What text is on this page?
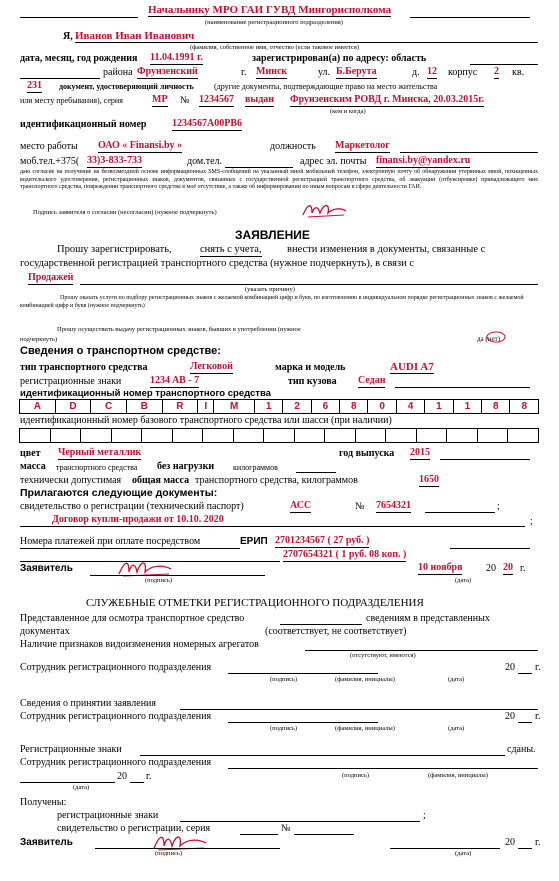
Начальнику МРО ГАИ ГУВД Мингорисполкома
(наименование регистрационного подразделения)
Я, Иванов Иван Иванович
(фамилия, собственное имя, отчество (если таковое имеется)
дата, месяц, год рождения 11.04.1991 г.	зарегистрирован(а) по адресу: область
района Фрунзенский	г. Минск	ул. Б.Берута	д. 12 корпус 2 кв.
231 документ, удостоверяющий личность	(другие документы, подтверждающие право на место жительства
или месту пребывания), серия	МР № 1234567 выдан Фрунзенским РОВД г. Минска, 20.03.2015г.
(кем и когда)
идентификационный номер	1234567A00PB6
место работы ОАО « Finansi.by »	должность Маркетолог
моб.тел.+375( 33)3-833-733	дом.тел.	адрес эл. почты finansi.by@yandex.ru
даю согласие на получение на безвозмездной основе информационных SMS-сообщений на указанный мной мобильный телефон, электронную почту об обнаружении утерянных мной, похищенных водительского удостоверения, регистрационных знаков, документов, связанных с государственной регистрацией транспортного средства, об эвакуации (отбуксировке) принадлежащего мне транспортного средства, повреждении транспортного средства в моё отсутствие, а также об информировании по иным вопросам в сфере деятельности ГАИ.
Подпись заявителя о согласии (несогласии) (нужное подчеркнуть)
ЗАЯВЛЕНИЕ
Прошу зарегистрировать,	снять с учета, внести изменения в документы, связанные с
государственной регистрацией транспортного средства (нужное подчеркнуть), в связи с
Продажей
(указать причину)
Прошу оказать услуги по подбору регистрационных знаков с желаемой комбинацией цифр и букв, по изготовлению в индивидуальном порядке регистрационных знаков с желаемой комбинацией цифр и букв (нужное подчеркнуть)
Прошу осуществить выдачу регистрационных знаков, бывших в употреблении (нужное
подчеркнуть)	да (нет)
Сведения о транспортном средстве:
тип транспортного средства	Легковой	марка и модель	AUDI A7
регистрационные знаки	1234 AB - 7	тип кузова Седан
идентификационный номер транспортного средства
A	D	C	B	R	I	M	1	2	6	8	0	4	1	1	8	8
идентификационный номер базового транспортного средства или шасси (при наличии)

цвет Черный металлик	год выпуска 2015
масса транспортного средства без нагрузки килограммов
технически допустимая общая масса транспортного средства, килограммов	1650
Прилагаются следующие документы:
свидетельство о регистрации (технический паспорт)	АСС	№ 7654321	;
Договор купли-продажи от 10.10. 2020	;
Номера платежей при оплате посредством	ЕРИП 2701234567 ( 27 руб. )
2707654321 ( 1 руб. 08 коп. )
Заявитель
(подпись)
10 ноября 20 20 г.
(дата)
СЛУЖЕБНЫЕ ОТМЕТКИ РЕГИСТРАЦИОННОГО ПОДРАЗДЕЛЕНИЯ
Представленное для осмотра транспортное средство	сведениям в представленных
документах	(соответствует, не соответствует)
Наличие признаков видоизменения номерных агрегатов
(отсутствуют, имеются)
Сотрудник регистрационного подразделения	20 г.
(подпись)	(фамилия, инициалы)	(дата)
Сведения о принятии заявления
Сотрудник регистрационного подразделения	20 г.
(подпись)	(фамилия, инициалы)	(дата)
Регистрационные знаки	сданы.
Сотрудник регистрационного подразделения
20 г.	(подпись)	(фамилия, инициалы)
(дата)
Получены:
регистрационные знаки	;
свидетельство о регистрации, серия	№
Заявитель
(подпись)
20 г.
(дата)
